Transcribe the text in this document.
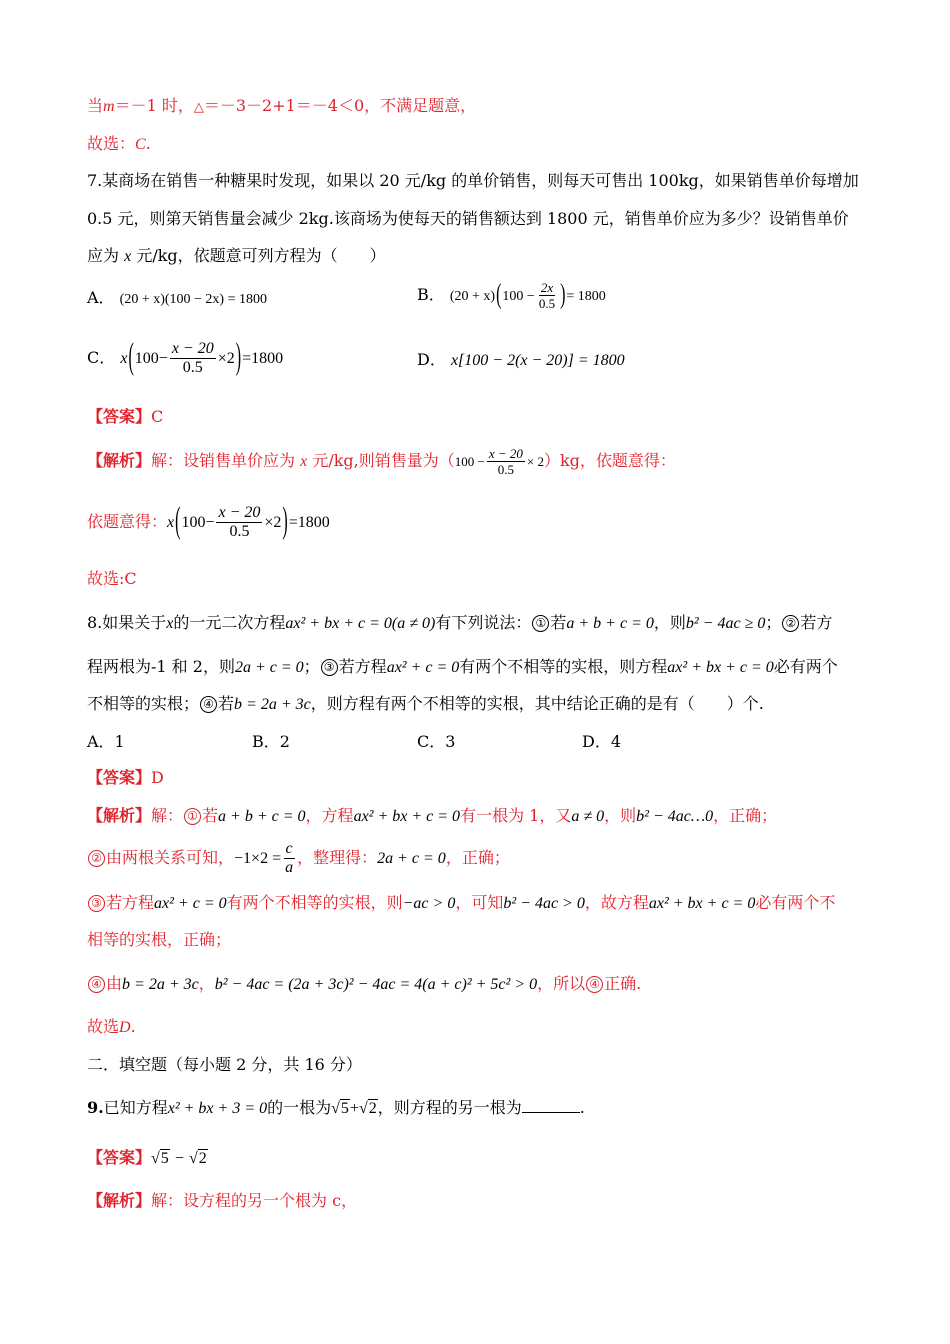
当m＝－1 时，△＝－3－2+1＝－4＜0，不满足题意，
故选：C.
7.某商场在销售一种糖果时发现，如果以 20 元/kg 的单价销售，则每天可售出 100kg，如果销售单价每增加
0.5 元，则第天销售量会减少 2kg.该商场为使每天的销售额达到 1800 元，销售单价应为多少？设销售单价
应为 x 元/kg，依题意可列方程为（　　）
A． (20 + x)(100 − 2x) = 1800	B． $(20 + x)(100 - \frac{2x}{0.5}$ )= 1800
C． $x(100- \frac{x - 20}{0.5} \times 2)=1800$	D． x[100 − 2(x − 20)] = 1800
【答案】C
【解析】解：设销售单价应为 x 元/kg,则销售量为$(100 - \frac{x - 20}{0.5} \times 2)kg$，依题意得：
依题意得：$x(100- \frac{x - 20}{0.5} \times 2)=1800$
故选:C
8.如果关于x的一元二次方程ax² + bx + c = 0(a ≠ 0)有下列说法： ① 若a + b + c = 0，则b² − 4ac ≥ 0； ② 若方
程两根为-1 和 2，则2a + c = 0； ③ 若方程ax² + c = 0有两个不相等的实根，则方程ax² + bx + c = 0必有两个
不相等的实根； ④ 若b = 2a + 3c，则方程有两个不相等的实根，其中结论正确的是有（　　）个.
A．1	B．2	C．3	D．4
【答案】D
【解析】解： ① 若a + b + c = 0，方程ax² + bx + c = 0有一根为 1，又a ≠ 0，则b² − 4ac…0，正确；
② 由两根关系可知，$-1\times 2 = \frac{c}{a}$ ，整理得：2a + c = 0，正确；
③ 若方程ax² + c = 0有两个不相等的实根，则−ac > 0，可知b² − 4ac > 0，故方程ax² + bx + c = 0必有两个不
相等的实根，正确；
④ 由b = 2a + 3c，b² − 4ac = (2a + 3c)² − 4ac = 4(a + c)² + 5c² > 0，所以 ④ 正确.
故选D.
二．填空题（每小题 2 分，共 16 分）
9.已知方程x² + bx + 3 = 0的一根为√5+√2，则方程的另一根为	.
【答案】√5 − √2
【解析】解：设方程的另一个根为 c，
